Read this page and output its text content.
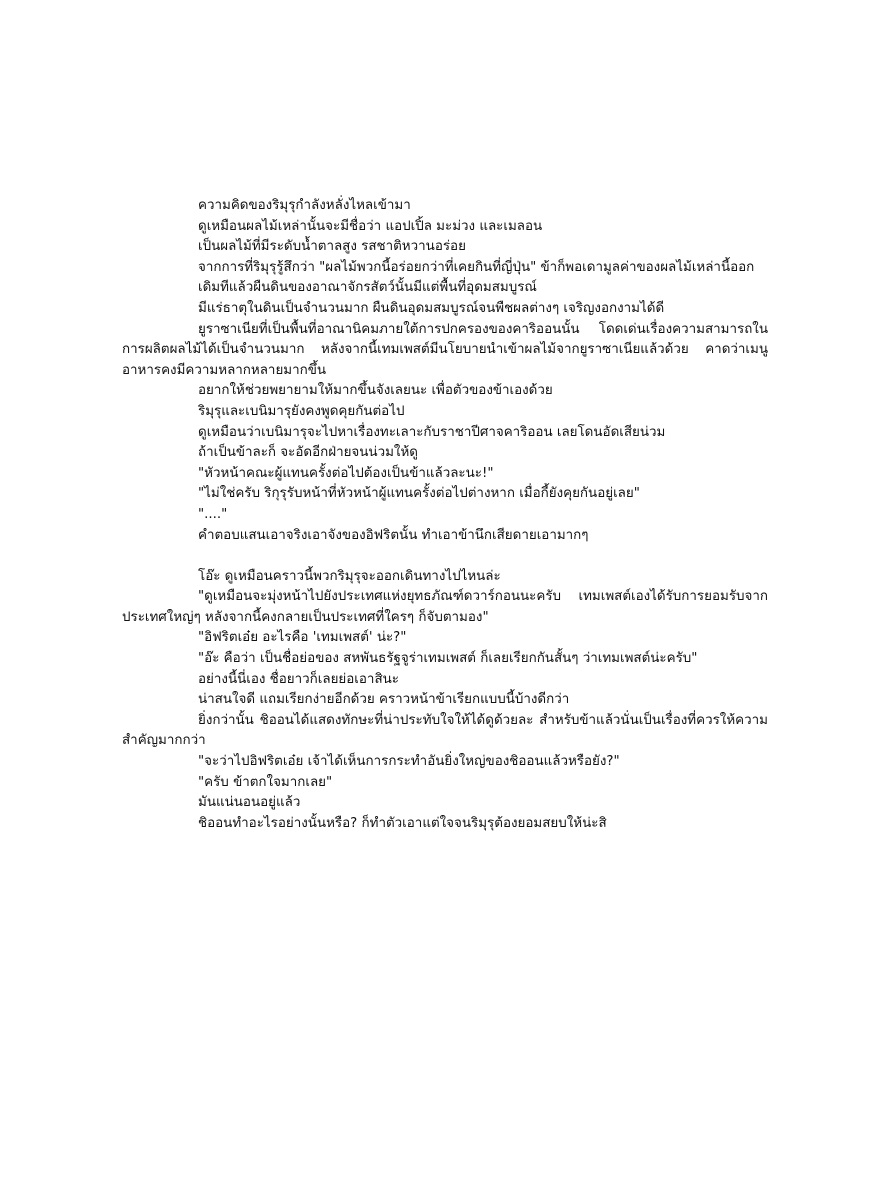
ความคิดของริมุรุกำลังหลั่งไหลเข้ามา

ดูเหมือนผลไม้เหล่านั้นจะมีชื่อว่า แอปเปิ้ล มะม่วง และเมลอน

เป็นผลไม้ที่มีระดับน้ำตาลสูง รสชาติหวานอร่อย

จากการที่ริมุรุรู้สึกว่า "ผลไม้พวกนี้อร่อยกว่าที่เคยกินที่ญี่ปุ่น" ข้าก็พอเดามูลค่าของผลไม้เหล่านี้ออก

เดิมทีแล้วผืนดินของอาณาจักรสัตว์นั้นมีแต่พื้นที่อุดมสมบูรณ์

มีแร่ธาตุในดินเป็นจำนวนมาก ผืนดินอุดมสมบูรณ์จนพืชผลต่างๆ เจริญงอกงามได้ดี

ยูราซาเนียที่เป็นพื้นที่อาณานิคมภายใต้การปกครองของคาริออนนั้น โดดเด่นเรื่องความสามารถในการผลิตผลไม้ได้เป็นจำนวนมาก หลังจากนี้เทมเพสต์มีนโยบายนำเข้าผลไม้จากยูราซาเนียแล้วด้วย คาดว่าเมนูอาหารคงมีความหลากหลายมากขึ้น

อยากให้ช่วยพยายามให้มากขึ้นจังเลยนะ เพื่อตัวของข้าเองด้วย

ริมุรุและเบนิมารุยังคงพูดคุยกันต่อไป

ดูเหมือนว่าเบนิมารุจะไปหาเรื่องทะเลาะกับราชาปีศาจคาริออน เลยโดนอัดเสียน่วม

ถ้าเป็นข้าละก็ จะอัดอีกฝ่ายจนน่วมให้ดู

"หัวหน้าคณะผู้แทนครั้งต่อไปต้องเป็นข้าแล้วละนะ!"

"ไม่ใช่ครับ ริกุรุรับหน้าที่หัวหน้าผู้แทนครั้งต่อไปต่างหาก เมื่อกี้ยังคุยกันอยู่เลย"

"...."

คำตอบแสนเอาจริงเอาจังของอิฟริตนั้น ทำเอาข้านึกเสียดายเอามากๆ

โอ๊ะ ดูเหมือนคราวนี้พวกริมุรุจะออกเดินทางไปไหนล่ะ

"ดูเหมือนจะมุ่งหน้าไปยังประเทศแห่งยุทธภัณฑ์ดวาร์กอนนะครับ เทมเพสต์เองได้รับการยอมรับจากประเทศใหญ่ๆ หลังจากนี้คงกลายเป็นประเทศที่ใครๆ ก็จับตามอง"

"อิฟริตเอ๋ย อะไรคือ 'เทมเพสต์' น่ะ?"

"อ๊ะ คือว่า เป็นชื่อย่อของ สหพันธรัฐจูร่าเทมเพสต์ ก็เลยเรียกกันสั้นๆ ว่าเทมเพสต์น่ะครับ"

อย่างนี้นี่เอง ชื่อยาวก็เลยย่อเอาสินะ

น่าสนใจดี แถมเรียกง่ายอีกด้วย คราวหน้าข้าเรียกแบบนี้บ้างดีกว่า

ยิ่งกว่านั้น ชิออนได้แสดงทักษะที่น่าประทับใจให้ได้ดูด้วยละ สำหรับข้าแล้วนั่นเป็นเรื่องที่ควรให้ความสำคัญมากกว่า

"จะว่าไปอิฟริตเอ๋ย เจ้าได้เห็นการกระทำอันยิ่งใหญ่ของชิออนแล้วหรือยัง?"

"ครับ ข้าตกใจมากเลย"

มันแน่นอนอยู่แล้ว

ชิออนทำอะไรอย่างนั้นหรือ? ก็ทำตัวเอาแต่ใจจนริมุรุต้องยอมสยบให้น่ะสิ
